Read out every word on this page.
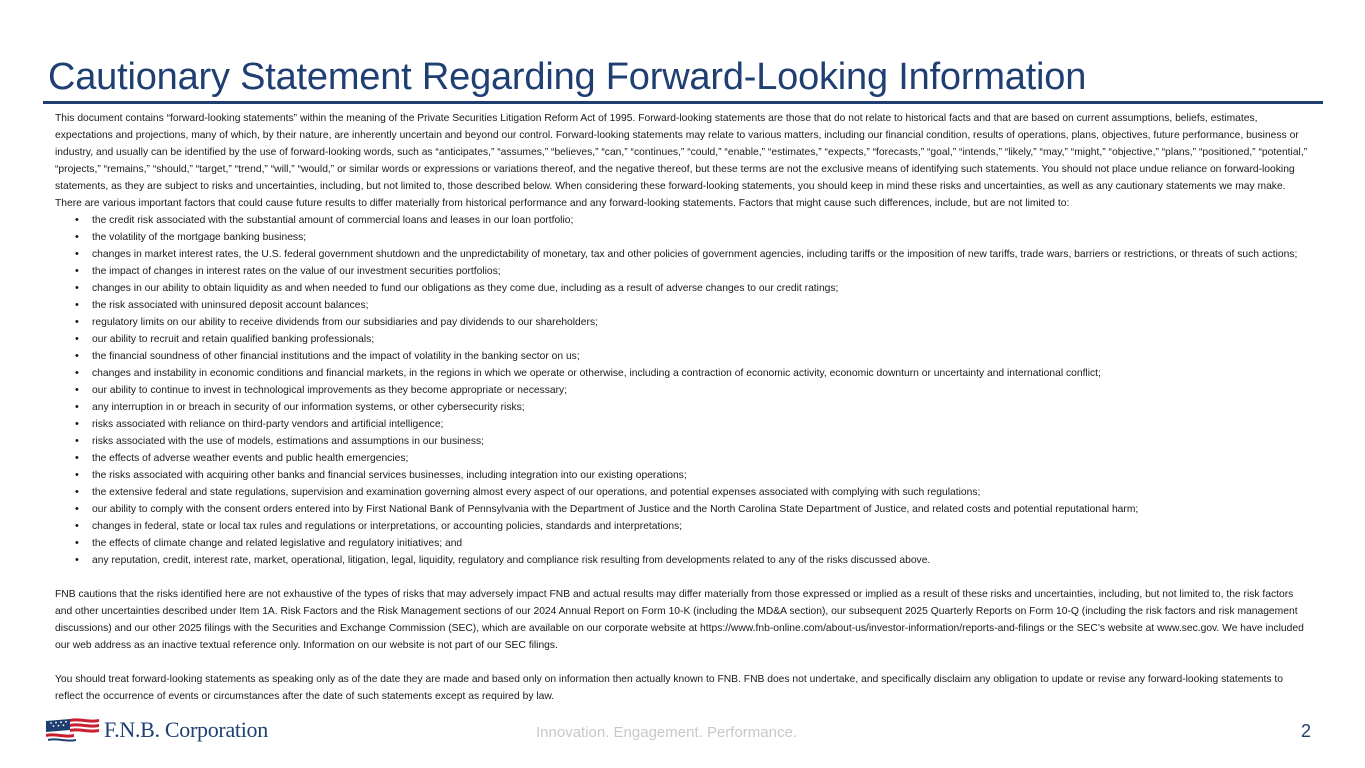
Cautionary Statement Regarding Forward-Looking Information

This document contains “forward-looking statements” within the meaning of the Private Securities Litigation Reform Act of 1995. Forward-looking statements are those that do not relate to historical facts and that are based on current assumptions, beliefs, estimates, expectations and projections, many of which, by their nature, are inherently uncertain and beyond our control. Forward-looking statements may relate to various matters, including our financial condition, results of operations, plans, objectives, future performance, business or industry, and usually can be identified by the use of forward-looking words, such as “anticipates,” “assumes,” “believes,” “can,” “continues,” “could,” “enable,” “estimates,” “expects,” “forecasts,” “goal,” “intends,” “likely,” “may,” “might,” “objective,” “plans,” “positioned,” “potential,” “projects,” “remains,” “should,” “target,” “trend,” “will,” “would,” or similar words or expressions or variations thereof, and the negative thereof, but these terms are not the exclusive means of identifying such statements. You should not place undue reliance on forward-looking statements, as they are subject to risks and uncertainties, including, but not limited to, those described below. When considering these forward-looking statements, you should keep in mind these risks and uncertainties, as well as any cautionary statements we may make.

There are various important factors that could cause future results to differ materially from historical performance and any forward-looking statements. Factors that might cause such differences, include, but are not limited to:

• the credit risk associated with the substantial amount of commercial loans and leases in our loan portfolio;
• the volatility of the mortgage banking business;
• changes in market interest rates, the U.S. federal government shutdown and the unpredictability of monetary, tax and other policies of government agencies, including tariffs or the imposition of new tariffs, trade wars, barriers or restrictions, or threats of such actions;
• the impact of changes in interest rates on the value of our investment securities portfolios;
• changes in our ability to obtain liquidity as and when needed to fund our obligations as they come due, including as a result of adverse changes to our credit ratings;
• the risk associated with uninsured deposit account balances;
• regulatory limits on our ability to receive dividends from our subsidiaries and pay dividends to our shareholders;
• our ability to recruit and retain qualified banking professionals;
• the financial soundness of other financial institutions and the impact of volatility in the banking sector on us;
• changes and instability in economic conditions and financial markets, in the regions in which we operate or otherwise, including a contraction of economic activity, economic downturn or uncertainty and international conflict;
• our ability to continue to invest in technological improvements as they become appropriate or necessary;
• any interruption in or breach in security of our information systems, or other cybersecurity risks;
• risks associated with reliance on third-party vendors and artificial intelligence;
• risks associated with the use of models, estimations and assumptions in our business;
• the effects of adverse weather events and public health emergencies;
• the risks associated with acquiring other banks and financial services businesses, including integration into our existing operations;
• the extensive federal and state regulations, supervision and examination governing almost every aspect of our operations, and potential expenses associated with complying with such regulations;
• our ability to comply with the consent orders entered into by First National Bank of Pennsylvania with the Department of Justice and the North Carolina State Department of Justice, and related costs and potential reputational harm;
• changes in federal, state or local tax rules and regulations or interpretations, or accounting policies, standards and interpretations;
• the effects of climate change and related legislative and regulatory initiatives; and
• any reputation, credit, interest rate, market, operational, litigation, legal, liquidity, regulatory and compliance risk resulting from developments related to any of the risks discussed above.

FNB cautions that the risks identified here are not exhaustive of the types of risks that may adversely impact FNB and actual results may differ materially from those expressed or implied as a result of these risks and uncertainties, including, but not limited to, the risk factors and other uncertainties described under Item 1A. Risk Factors and the Risk Management sections of our 2024 Annual Report on Form 10-K (including the MD&A section), our subsequent 2025 Quarterly Reports on Form 10-Q (including the risk factors and risk management discussions) and our other 2025 filings with the Securities and Exchange Commission (SEC), which are available on our corporate website at https://www.fnb-online.com/about-us/investor-information/reports-and-filings or the SEC’s website at www.sec.gov. We have included our web address as an inactive textual reference only. Information on our website is not part of our SEC filings.

You should treat forward-looking statements as speaking only as of the date they are made and based only on information then actually known to FNB. FNB does not undertake, and specifically disclaim any obligation to update or revise any forward-looking statements to reflect the occurrence of events or circumstances after the date of such statements except as required by law.

F.N.B. Corporation	Innovation. Engagement. Performance.	2
